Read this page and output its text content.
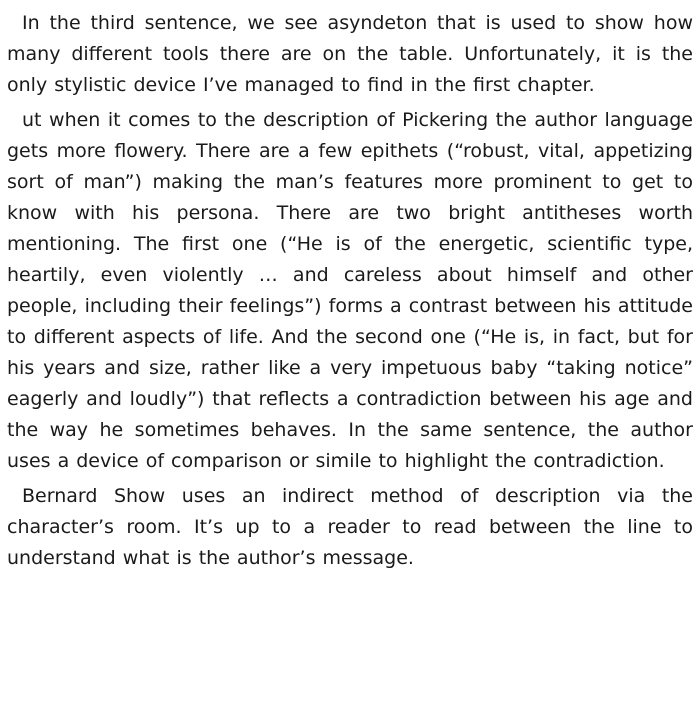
In the third sentence, we see asyndeton that is used to show how many different tools there are on the table. Unfortunately, it is the only stylistic device I’ve managed to find in the first chapter.

ut when it comes to the description of Pickering the author language gets more flowery. There are a few epithets (“robust, vital, appetizing sort of man”) making the man’s features more prominent to get to know with his persona. There are two bright antitheses worth mentioning. The first one (“He is of the energetic, scientific type, heartily, even violently … and careless about himself and other people, including their feelings”) forms a contrast between his attitude to different aspects of life. And the second one (“He is, in fact, but for his years and size, rather like a very impetuous baby “taking notice” eagerly and loudly”) that reflects a contradiction between his age and the way he sometimes behaves. In the same sentence, the author uses a device of comparison or simile to highlight the contradiction.

Bernard Show uses an indirect method of description via the character’s room. It’s up to a reader to read between the line to understand what is the author’s message.
